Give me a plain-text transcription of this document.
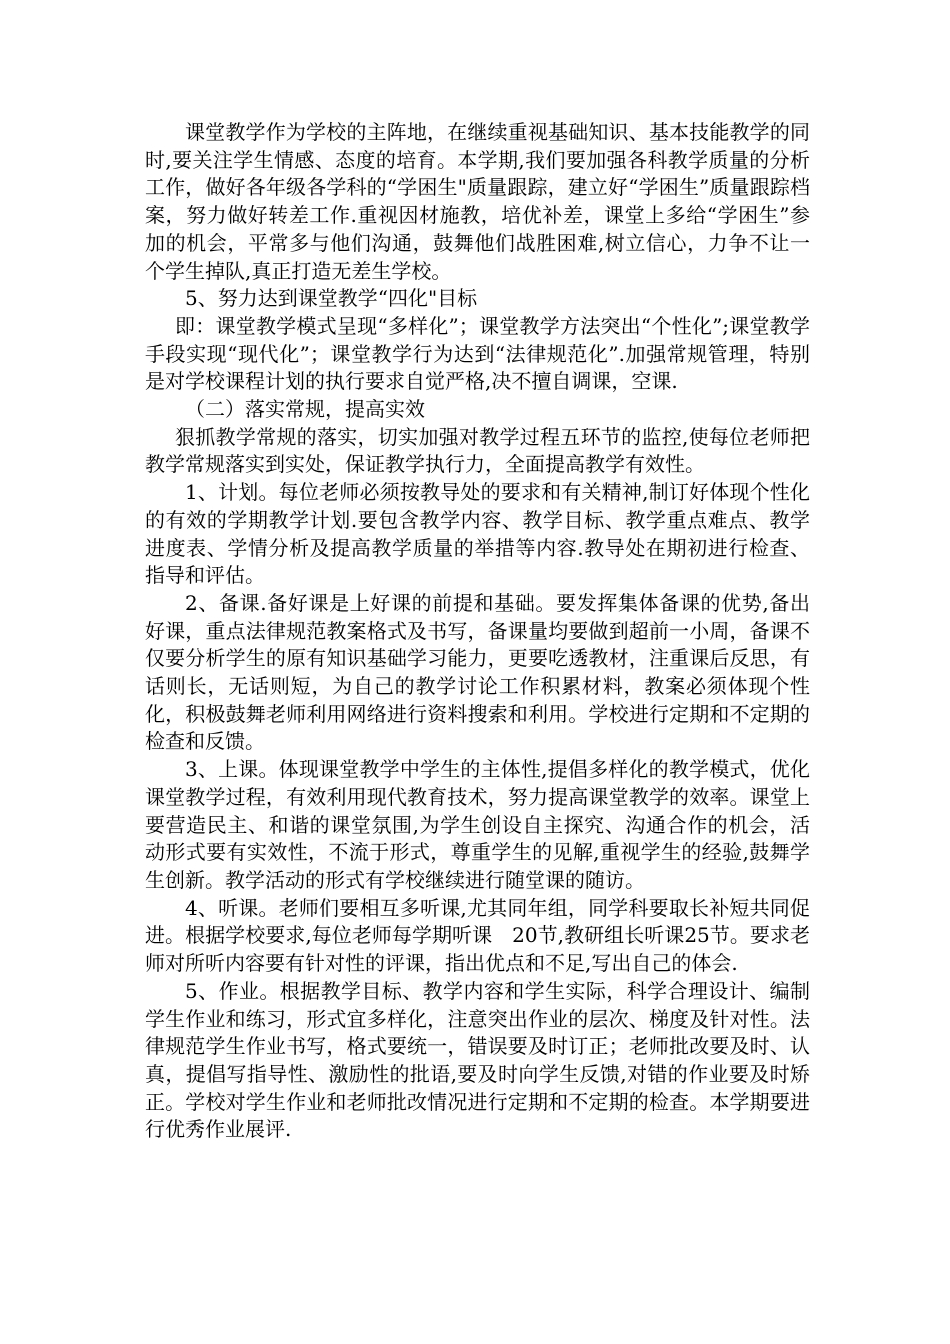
课堂教学作为学校的主阵地，在继续重视基础知识、基本技能教学的同时,要关注学生情感、态度的培育。本学期,我们要加强各科教学质量的分析工作，做好各年级各学科的“学困生"质量跟踪，建立好“学困生”质量跟踪档案，努力做好转差工作.重视因材施教，培优补差，课堂上多给“学困生”参加的机会，平常多与他们沟通，鼓舞他们战胜困难,树立信心，力争不让一个学生掉队,真正打造无差生学校。

5、努力达到课堂教学“四化"目标

即：课堂教学模式呈现“多样化”；课堂教学方法突出“个性化”;课堂教学手段实现“现代化”；课堂教学行为达到“法律规范化”.加强常规管理，特别是对学校课程计划的执行要求自觉严格,决不擅自调课，空课.

（二）落实常规，提高实效

狠抓教学常规的落实，切实加强对教学过程五环节的监控,使每位老师把教学常规落实到实处，保证教学执行力，全面提高教学有效性。

1、计划。每位老师必须按教导处的要求和有关精神,制订好体现个性化的有效的学期教学计划.要包含教学内容、教学目标、教学重点难点、教学进度表、学情分析及提高教学质量的举措等内容.教导处在期初进行检查、指导和评估。

2、备课.备好课是上好课的前提和基础。要发挥集体备课的优势,备出好课，重点法律规范教案格式及书写，备课量均要做到超前一小周，备课不仅要分析学生的原有知识基础学习能力，更要吃透教材，注重课后反思，有话则长，无话则短，为自己的教学讨论工作积累材料，教案必须体现个性化，积极鼓舞老师利用网络进行资料搜索和利用。学校进行定期和不定期的检查和反馈。

3、上课。体现课堂教学中学生的主体性,提倡多样化的教学模式，优化课堂教学过程，有效利用现代教育技术，努力提高课堂教学的效率。课堂上要营造民主、和谐的课堂氛围,为学生创设自主探究、沟通合作的机会，活动形式要有实效性，不流于形式，尊重学生的见解,重视学生的经验,鼓舞学生创新。教学活动的形式有学校继续进行随堂课的随访。

4、听课。老师们要相互多听课,尤其同年组，同学科要取长补短共同促进。根据学校要求,每位老师每学期听课　20节,教研组长听课25节。要求老师对所听内容要有针对性的评课，指出优点和不足,写出自己的体会.

5、作业。根据教学目标、教学内容和学生实际，科学合理设计、编制学生作业和练习，形式宜多样化，注意突出作业的层次、梯度及针对性。法律规范学生作业书写，格式要统一，错误要及时订正；老师批改要及时、认真，提倡写指导性、激励性的批语,要及时向学生反馈,对错的作业要及时矫正。学校对学生作业和老师批改情况进行定期和不定期的检查。本学期要进行优秀作业展评.
